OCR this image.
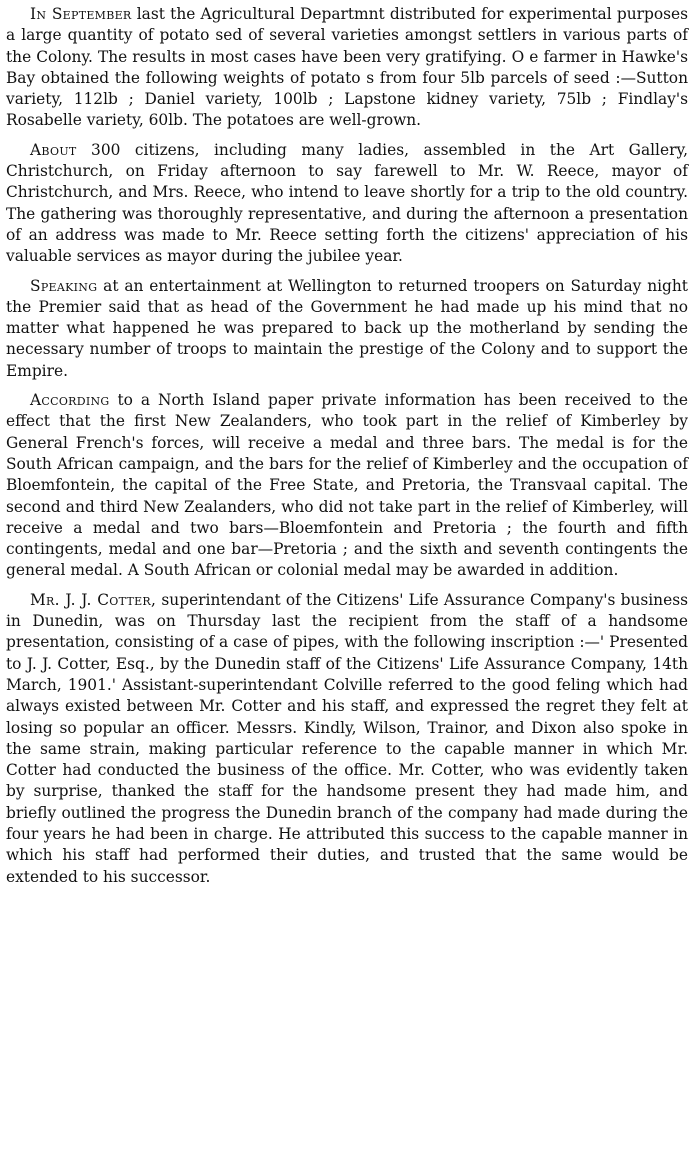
In September last the Agricultural Departmnt distributed for experimental purposes a large quantity of potato sed of several varieties amongst settlers in various parts of the Colony. The results in most cases have been very gratifying. O e farmer in Hawke's Bay obtained the following weights of potato s from four 5lb parcels of seed :—Sutton variety, 112lb ; Daniel variety, 100lb ; Lapstone kidney variety, 75lb ; Findlay's Rosabelle variety, 60lb. The potatoes are well-grown.

About 300 citizens, including many ladies, assembled in the Art Gallery, Christchurch, on Friday afternoon to say farewell to Mr. W. Reece, mayor of Christchurch, and Mrs. Reece, who intend to leave shortly for a trip to the old country. The gathering was thoroughly representative, and during the afternoon a presentation of an address was made to Mr. Reece setting forth the citizens' appreciation of his valuable services as mayor during the jubilee year.

Speaking at an entertainment at Wellington to returned troopers on Saturday night the Premier said that as head of the Government he had made up his mind that no matter what happened he was prepared to back up the motherland by sending the necessary number of troops to maintain the prestige of the Colony and to support the Empire.

According to a North Island paper private information has been received to the effect that the first New Zealanders, who took part in the relief of Kimberley by General French's forces, will receive a medal and three bars. The medal is for the South African campaign, and the bars for the relief of Kimberley and the occupation of Bloemfontein, the capital of the Free State, and Pretoria, the Transvaal capital. The second and third New Zealanders, who did not take part in the relief of Kimberley, will receive a medal and two bars—Bloemfontein and Pretoria ; the fourth and fifth contingents, medal and one bar—Pretoria ; and the sixth and seventh contingents the general medal. A South African or colonial medal may be awarded in addition.

Mr. J. J. Cotter, superintendant of the Citizens' Life Assurance Company's business in Dunedin, was on Thursday last the recipient from the staff of a handsome presentation, consisting of a case of pipes, with the following inscription :—' Presented to J. J. Cotter, Esq., by the Dunedin staff of the Citizens' Life Assurance Company, 14th March, 1901.' Assistant-superintendant Colville referred to the good feling which had always existed between Mr. Cotter and his staff, and expressed the regret they felt at losing so popular an officer. Messrs. Kindly, Wilson, Trainor, and Dixon also spoke in the same strain, making particular reference to the capable manner in which Mr. Cotter had conducted the business of the office. Mr. Cotter, who was evidently taken by surprise, thanked the staff for the handsome present they had made him, and briefly outlined the progress the Dunedin branch of the company had made during the four years he had been in charge. He attributed this success to the capable manner in which his staff had performed their duties, and trusted that the same would be extended to his successor.
